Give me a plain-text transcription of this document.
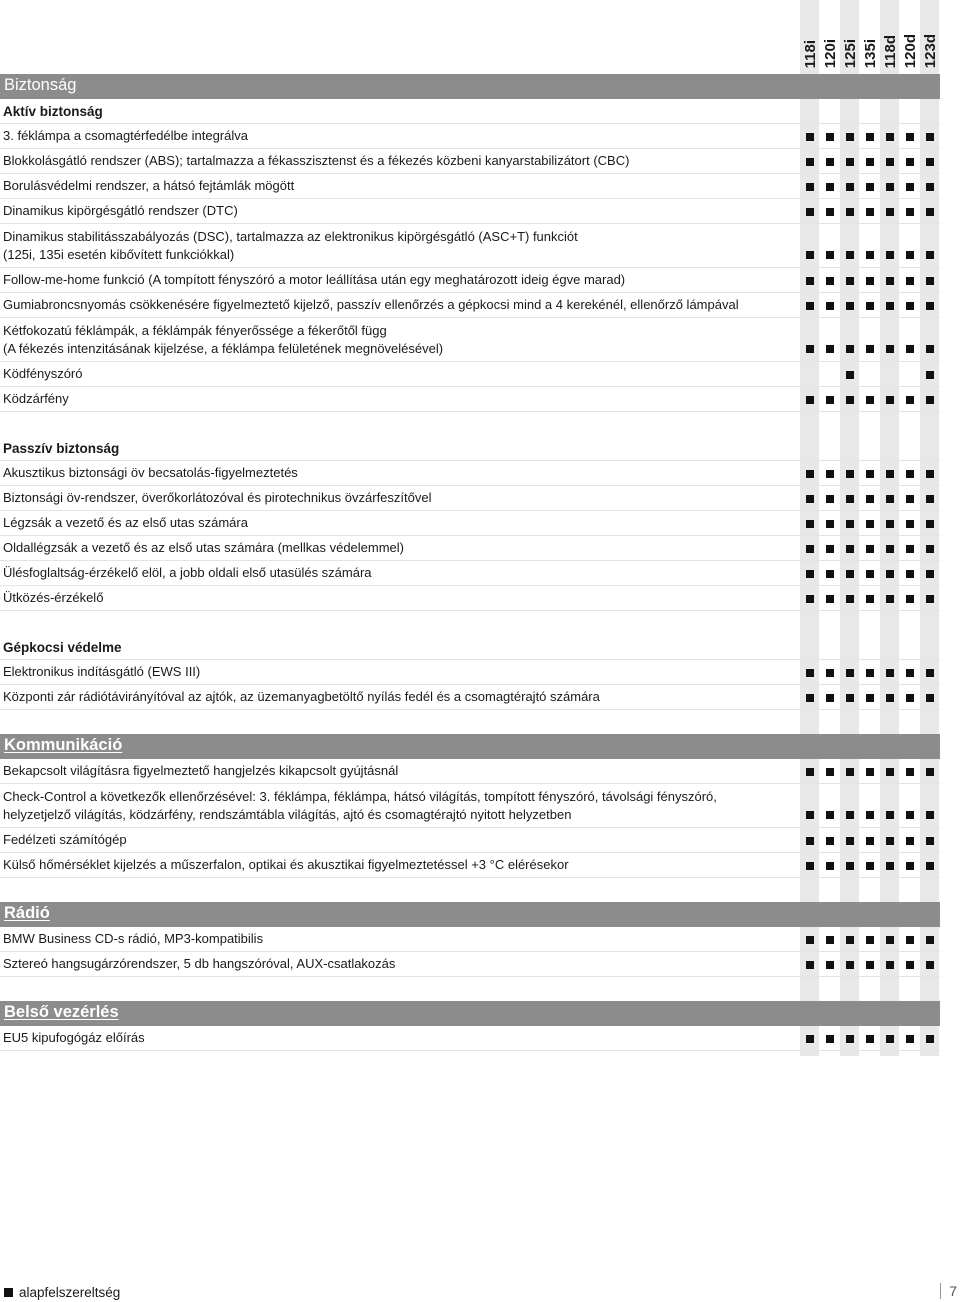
118i 120i 125i 135i 118d 120d 123d
Biztonság
Aktív biztonság
3. féklámpa a csomagtérfedélbe integrálva
Blokkolásgátló rendszer (ABS); tartalmazza a fékasszisztenst és a fékezés közbeni kanyarstabilizátort (CBC)
Borulásvédelmi rendszer, a hátsó fejtámlák mögött
Dinamikus kipörgésgátló rendszer (DTC)
Dinamikus stabilitásszabályozás (DSC), tartalmazza az elektronikus kipörgésgátló (ASC+T) funkciót
(125i, 135i esetén kibővített funkciókkal)
Follow-me-home funkció (A tompított fényszóró a motor leállítása után egy meghatározott ideig égve marad)
Gumiabroncsnyomás csökkenésére figyelmeztető kijelző, passzív ellenőrzés a gépkocsi mind a 4 kerekénél, ellenőrző lámpával
Kétfokozatú féklámpák, a féklámpák fényerőssége a fékerőtől függ
(A fékezés intenzitásának kijelzése, a féklámpa felületének megnövelésével)
Ködfényszóró
Ködzárfény
Passzív biztonság
Akusztikus biztonsági öv becsatolás-figyelmeztetés
Biztonsági öv-rendszer, överőkorlátozóval és pirotechnikus övzárfeszítővel
Légzsák a vezető és az első utas számára
Oldallégzsák a vezető és az első utas számára (mellkas védelemmel)
Ülésfoglaltság-érzékelő elöl, a jobb oldali első utasülés számára
Ütközés-érzékelő
Gépkocsi védelme
Elektronikus indításgátló (EWS III)
Központi zár rádiótávirányítóval az ajtók, az üzemanyagbetöltő nyílás fedél és a csomagtérajtó számára
Kommunikáció
Bekapcsolt világításra figyelmeztető hangjelzés kikapcsolt gyújtásnál
Check-Control a következők ellenőrzésével: 3. féklámpa, féklámpa, hátsó világítás, tompított fényszóró, távolsági fényszóró,
helyzetjelző világítás, ködzárfény, rendszámtábla világítás, ajtó és csomagtérajtó nyitott helyzetben
Fedélzeti számítógép
Külső hőmérséklet kijelzés a műszerfalon, optikai és akusztikai figyelmeztetéssel +3 °C elérésekor
Rádió
BMW Business CD-s rádió, MP3-kompatibilis
Sztereó hangsugárzórendszer, 5 db hangszóróval, AUX-csatlakozás
Belső vezérlés
EU5 kipufogógáz előírás
alapfelszereltség	7
